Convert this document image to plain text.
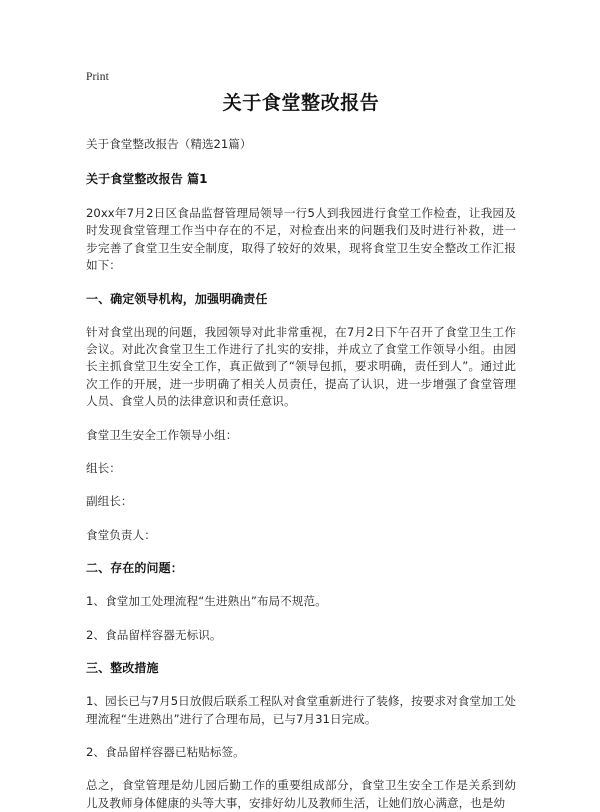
Print
关于食堂整改报告
关于食堂整改报告（精选21篇）
关于食堂整改报告 篇1

20xx年7月2日区食品监督管理局领导一行5人到我园进行食堂工作检查，让我园及时发现食堂管理工作当中存在的不足，对检查出来的问题我们及时进行补救，进一步完善了食堂卫生安全制度，取得了较好的效果，现将食堂卫生安全整改工作汇报如下：

一、确定领导机构，加强明确责任

针对食堂出现的问题，我园领导对此非常重视，在7月2日下午召开了食堂卫生工作会议。对此次食堂卫生工作进行了扎实的安排，并成立了食堂工作领导小组。由园长主抓食堂卫生安全工作，真正做到了“领导包抓，要求明确，责任到人”。通过此次工作的开展，进一步明确了相关人员责任，提高了认识，进一步增强了食堂管理人员、食堂人员的法律意识和责任意识。

食堂卫生安全工作领导小组：

组长：

副组长：

食堂负责人：

二、存在的问题：

1、食堂加工处理流程“生进熟出”布局不规范。

2、食品留样容器无标识。

三、整改措施

1、园长已与7月5日放假后联系工程队对食堂重新进行了装修，按要求对食堂加工处理流程“生进熟出”进行了合理布局，已与7月31日完成。

2、食品留样容器已粘贴标签。

总之，食堂管理是幼儿园后勤工作的重要组成部分，食堂卫生安全工作是关系到幼儿及教师身体健康的头等大事，安排好幼儿及教师生活，让她们放心满意，也是幼
